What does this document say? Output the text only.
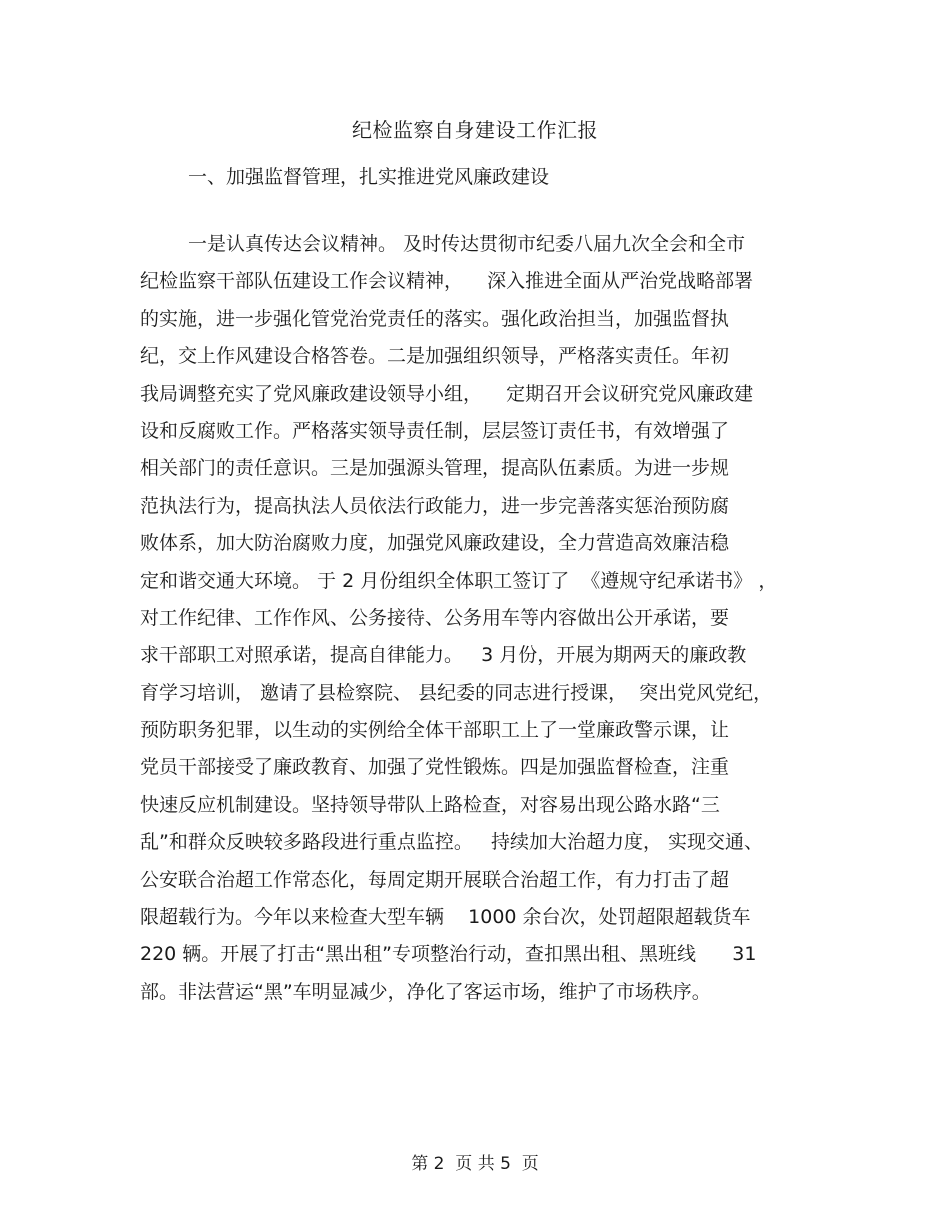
纪检监察自身建设工作汇报
一、加强监督管理，扎实推进党风廉政建设
一是认真传达会议精神。 及时传达贯彻市纪委八届九次全会和全市
纪检监察干部队伍建设工作会议精神，    深入推进全面从严治党战略部署
的实施，进一步强化管党治党责任的落实。强化政治担当，加强监督执
纪，交上作风建设合格答卷。二是加强组织领导，严格落实责任。年初
我局调整充实了党风廉政建设领导小组，    定期召开会议研究党风廉政建
设和反腐败工作。严格落实领导责任制，层层签订责任书，有效增强了
相关部门的责任意识。三是加强源头管理，提高队伍素质。为进一步规
范执法行为，提高执法人员依法行政能力，进一步完善落实惩治预防腐
败体系，加大防治腐败力度，加强党风廉政建设，全力营造高效廉洁稳
定和谐交通大环境。 于 2 月份组织全体职工签订了  《遵规守纪承诺书》 ，
对工作纪律、工作作风、公务接待、公务用车等内容做出公开承诺，要
求干部职工对照承诺，提高自律能力。   3 月份，开展为期两天的廉政教
育学习培训， 邀请了县检察院、 县纪委的同志进行授课，  突出党风党纪，
预防职务犯罪，以生动的实例给全体干部职工上了一堂廉政警示课，让
党员干部接受了廉政教育、加强了党性锻炼。四是加强监督检查，注重
快速反应机制建设。坚持领导带队上路检查，对容易出现公路水路“三
乱”和群众反映较多路段进行重点监控。   持续加大治超力度， 实现交通、
公安联合治超工作常态化，每周定期开展联合治超工作，有力打击了超
限超载行为。今年以来检查大型车辆    1000 余台次，处罚超限超载货车
220 辆。开展了打击“黑出租”专项整治行动，查扣黑出租、黑班线      31
部。非法营运“黑”车明显减少，净化了客运市场，维护了市场秩序。
第 2  页 共 5  页
